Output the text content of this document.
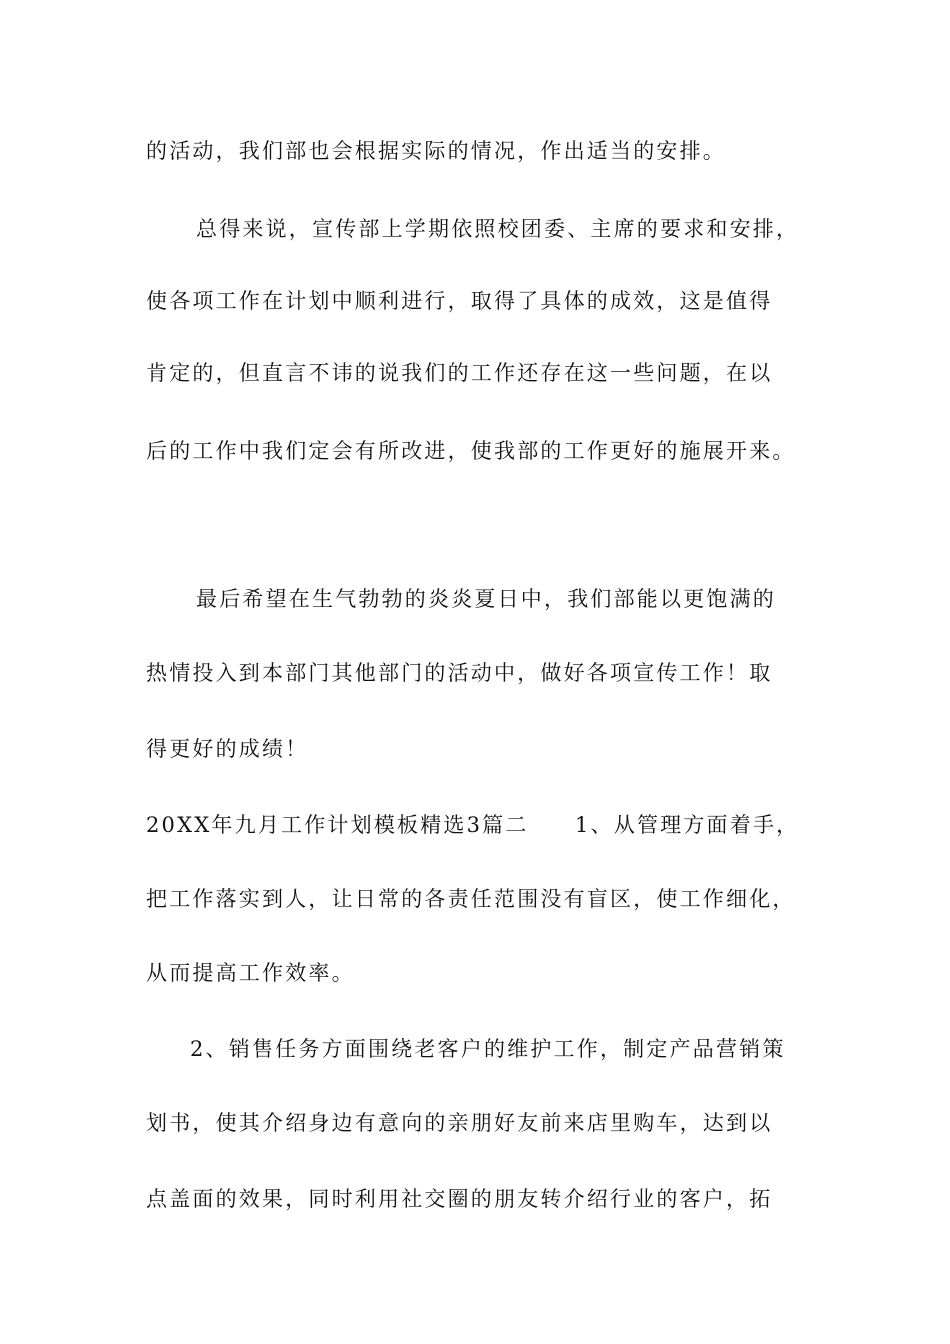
的活动，我们部也会根据实际的情况，作出适当的安排。
总得来说，宣传部上学期依照校团委、主席的要求和安排，
使各项工作在计划中顺利进行，取得了具体的成效，这是值得
肯定的，但直言不讳的说我们的工作还存在这一些问题，在以
后的工作中我们定会有所改进，使我部的工作更好的施展开来。
最后希望在生气勃勃的炎炎夏日中，我们部能以更饱满的
热情投入到本部门其他部门的活动中，做好各项宣传工作！取
得更好的成绩！
20XX年九月工作计划模板精选3篇二　　1、从管理方面着手，
把工作落实到人，让日常的各责任范围没有盲区，使工作细化，
从而提高工作效率。
2、销售任务方面围绕老客户的维护工作，制定产品营销策
划书，使其介绍身边有意向的亲朋好友前来店里购车，达到以
点盖面的效果，同时利用社交圈的朋友转介绍行业的客户，拓
